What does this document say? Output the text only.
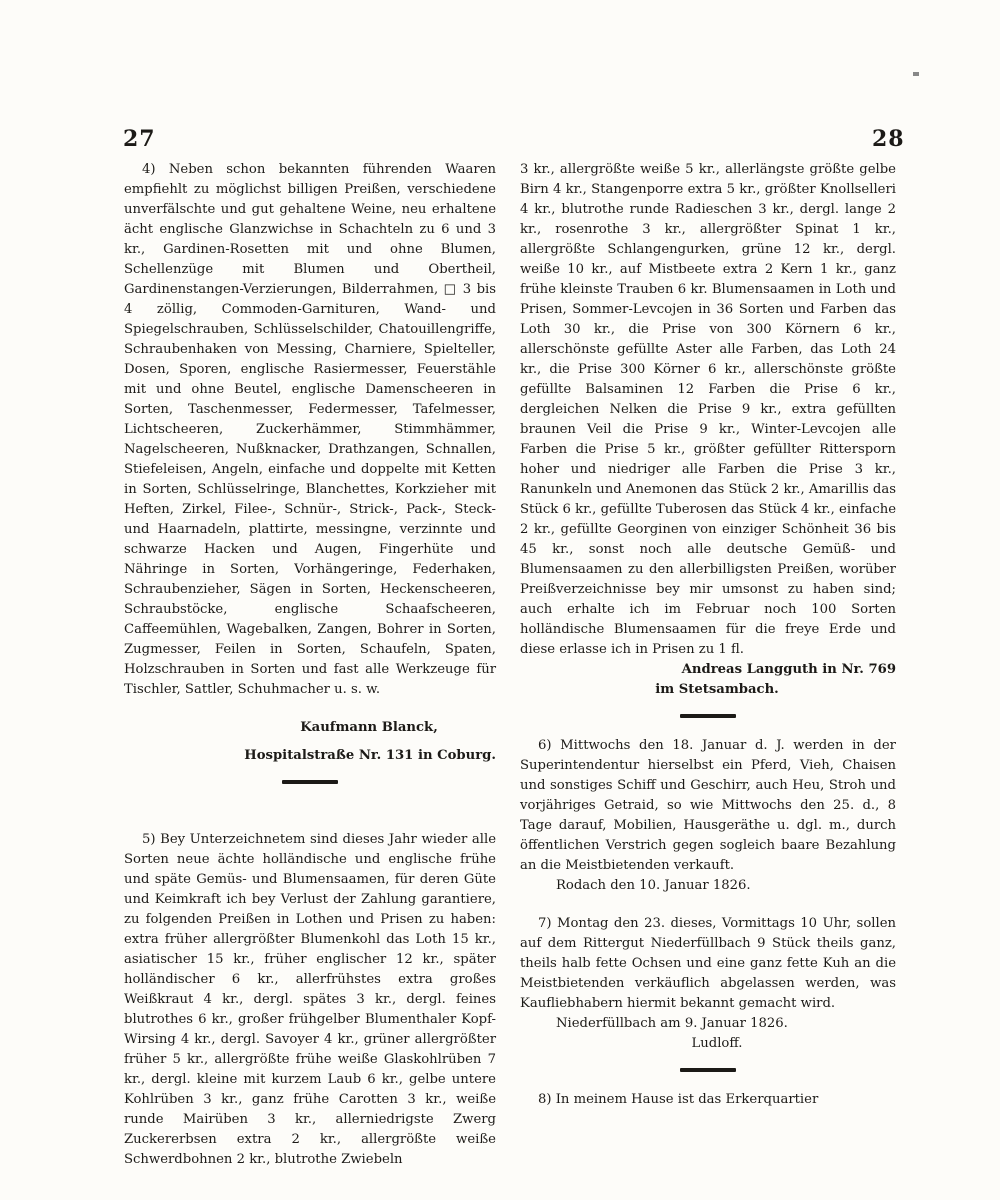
27	28

4) Neben schon bekannten führenden Waaren empfiehlt zu möglichst billigen Preißen, verschiedene unverfälschte und gut gehaltene Weine, neu erhaltene ächt englische Glanzwichse in Schachteln zu 6 und 3 kr., Gardinen-Rosetten mit und ohne Blumen, Schellenzüge mit Blumen und Obertheil, Gardinenstangen-Verzierungen, Bilderrahmen, □ 3 bis 4 zöllig, Commoden-Garnituren, Wand- und Spiegelschrauben, Schlüsselschilder, Chatouillengriffe, Schraubenhaken von Messing, Charniere, Spielteller, Dosen, Sporen, englische Rasiermesser, Feuerstähle mit und ohne Beutel, englische Damenscheeren in Sorten, Taschenmesser, Federmesser, Tafelmesser, Lichtscheeren, Zuckerhämmer, Stimmhämmer, Nagelscheeren, Nußknacker, Drathzangen, Schnallen, Stiefeleisen, Angeln, einfache und doppelte mit Ketten in Sorten, Schlüsselringe, Blanchettes, Korkzieher mit Heften, Zirkel, Filee-, Schnür-, Strick-, Pack-, Steck- und Haarnadeln, plattirte, messingne, verzinnte und schwarze Hacken und Augen, Fingerhüte und Nähringe in Sorten, Vorhängeringe, Federhaken, Schraubenzieher, Sägen in Sorten, Heckenscheeren, Schraubstöcke, englische Schaafscheeren, Caffeemühlen, Wagebalken, Zangen, Bohrer in Sorten, Zugmesser, Feilen in Sorten, Schaufeln, Spaten, Holzschrauben in Sorten und fast alle Werkzeuge für Tischler, Sattler, Schuhmacher u. s. w.

Kaufmann Blanck,

Hospitalstraße Nr. 131 in Coburg.

5) Bey Unterzeichnetem sind dieses Jahr wieder alle Sorten neue ächte holländische und englische frühe und späte Gemüs- und Blumensaamen, für deren Güte und Keimkraft ich bey Verlust der Zahlung garantiere, zu folgenden Preißen in Lothen und Prisen zu haben: extra früher allergrößter Blumenkohl das Loth 15 kr., asiatischer 15 kr., früher englischer 12 kr., später holländischer 6 kr., allerfrühstes extra großes Weißkraut 4 kr., dergl. spätes 3 kr., dergl. feines blutrothes 6 kr., großer frühgelber Blumenthaler Kopf-Wirsing 4 kr., dergl. Savoyer 4 kr., grüner allergrößter früher 5 kr., allergrößte frühe weiße Glaskohlrüben 7 kr., dergl. kleine mit kurzem Laub 6 kr., gelbe untere Kohlrüben 3 kr., ganz frühe Carotten 3 kr., weiße runde Mairüben 3 kr., allerniedrigste Zwerg Zuckererbsen extra 2 kr., allergrößte weiße Schwerdbohnen 2 kr., blutrothe Zwiebeln

3 kr., allergrößte weiße 5 kr., allerlängste größte gelbe Birn 4 kr., Stangenporre extra 5 kr., größter Knollselleri 4 kr., blutrothe runde Radieschen 3 kr., dergl. lange 2 kr., rosenrothe 3 kr., allergrößter Spinat 1 kr., allergrößte Schlangengurken, grüne 12 kr., dergl. weiße 10 kr., auf Mistbeete extra 2 Kern 1 kr., ganz frühe kleinste Trauben 6 kr. Blumensaamen in Loth und Prisen, Sommer-Levcojen in 36 Sorten und Farben das Loth 30 kr., die Prise von 300 Körnern 6 kr., allerschönste gefüllte Aster alle Farben, das Loth 24 kr., die Prise 300 Körner 6 kr., allerschönste größte gefüllte Balsaminen 12 Farben die Prise 6 kr., dergleichen Nelken die Prise 9 kr., extra gefüllten braunen Veil die Prise 9 kr., Winter-Levcojen alle Farben die Prise 5 kr., größter gefüllter Rittersporn hoher und niedriger alle Farben die Prise 3 kr., Ranunkeln und Anemonen das Stück 2 kr., Amarillis das Stück 6 kr., gefüllte Tuberosen das Stück 4 kr., einfache 2 kr., gefüllte Georginen von einziger Schönheit 36 bis 45 kr., sonst noch alle deutsche Gemüß- und Blumensaamen zu den allerbilligsten Preißen, worüber Preißverzeichnisse bey mir umsonst zu haben sind; auch erhalte ich im Februar noch 100 Sorten holländische Blumensaamen für die freye Erde und diese erlasse ich in Prisen zu 1 fl.

Andreas Langguth in Nr. 769

im Stetsambach.

6) Mittwochs den 18. Januar d. J. werden in der Superintendentur hierselbst ein Pferd, Vieh, Chaisen und sonstiges Schiff und Geschirr, auch Heu, Stroh und vorjähriges Getraid, so wie Mittwochs den 25. d., 8 Tage darauf, Mobilien, Hausgeräthe u. dgl. m., durch öffentlichen Verstrich gegen sogleich baare Bezahlung an die Meistbietenden verkauft.

Rodach den 10. Januar 1826.

7) Montag den 23. dieses, Vormittags 10 Uhr, sollen auf dem Rittergut Niederfüllbach 9 Stück theils ganz, theils halb fette Ochsen und eine ganz fette Kuh an die Meistbietenden verkäuflich abgelassen werden, was Kaufliebhabern hiermit bekannt gemacht wird.

Niederfüllbach am 9. Januar 1826.

Ludloff.

8) In meinem Hause ist das Erkerquartier
